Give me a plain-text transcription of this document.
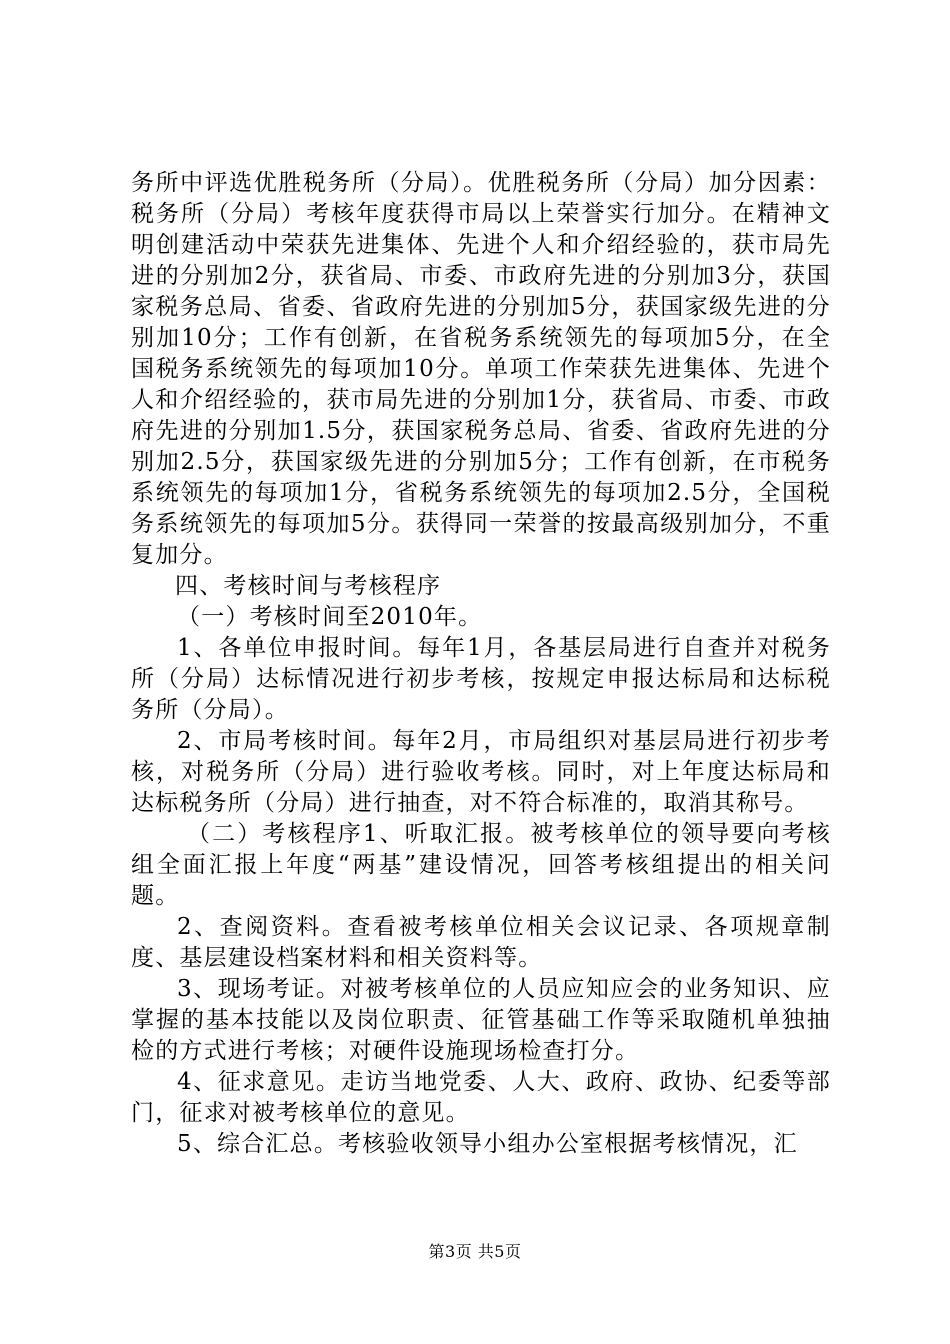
务所中评选优胜税务所（分局）。优胜税务所（分局）加分因素：税务所（分局）考核年度获得市局以上荣誉实行加分。在精神文明创建活动中荣获先进集体、先进个人和介绍经验的，获市局先进的分别加2分，获省局、市委、市政府先进的分别加3分，获国家税务总局、省委、省政府先进的分别加5分，获国家级先进的分别加10分；工作有创新，在省税务系统领先的每项加5分，在全国税务系统领先的每项加10分。单项工作荣获先进集体、先进个人和介绍经验的，获市局先进的分别加1分，获省局、市委、市政府先进的分别加1.5分，获国家税务总局、省委、省政府先进的分别加2.5分，获国家级先进的分别加5分；工作有创新，在市税务系统领先的每项加1分，省税务系统领先的每项加2.5分，全国税务系统领先的每项加5分。获得同一荣誉的按最高级别加分，不重复加分。

四、考核时间与考核程序

（一）考核时间至2010年。

1、各单位申报时间。每年1月，各基层局进行自查并对税务所（分局）达标情况进行初步考核，按规定申报达标局和达标税务所（分局）。

2、市局考核时间。每年2月，市局组织对基层局进行初步考核，对税务所（分局）进行验收考核。同时，对上年度达标局和达标税务所（分局）进行抽查，对不符合标准的，取消其称号。

（二）考核程序1、听取汇报。被考核单位的领导要向考核组全面汇报上年度“两基”建设情况，回答考核组提出的相关问题。

2、查阅资料。查看被考核单位相关会议记录、各项规章制度、基层建设档案材料和相关资料等。

3、现场考证。对被考核单位的人员应知应会的业务知识、应掌握的基本技能以及岗位职责、征管基础工作等采取随机单独抽检的方式进行考核；对硬件设施现场检查打分。

4、征求意见。走访当地党委、人大、政府、政协、纪委等部门，征求对被考核单位的意见。

5、综合汇总。考核验收领导小组办公室根据考核情况，汇

第3页 共5页
